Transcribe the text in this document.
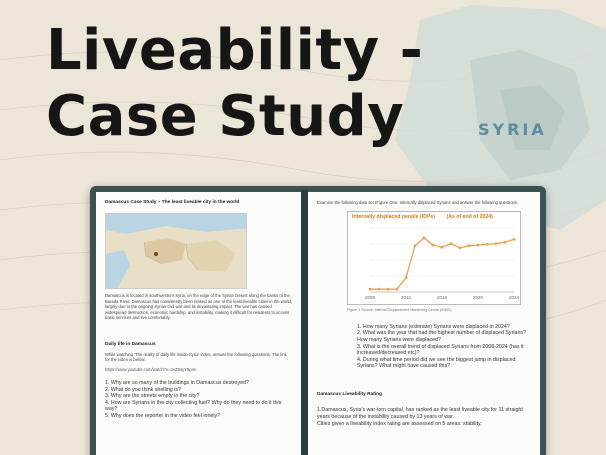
Liveability -
Case Study	SYRIA
Damascus Case Study – The least liveable city in the world
Damascus is located in southwestern Syria, on the edge of the Syrian Desert along the banks of the Barada River. Damascus has consistently been ranked as one of the least liveable cities in the world, largely due to the ongoing Syrian civil war and its devastating impact. The war has caused widespread destruction, economic hardship, and instability, making it difficult for residents to access basic services and live comfortably.
Daily life in Damascus
While watching 'The reality of daily life inside Syria' video, answer the following questions. The link for the video is below:
https://www.youtube.com/watch?v=3vZ8oyY9p4c
1. Why are so many of the buildings in Damascus destroyed?
2. What do you think shelling is?
3. Why are the streets empty in the city?
4. How are Syrians in the city collecting fuel? Why do they need to do it this way?
5. Why does the reporter in the video feel lonely?
Examine the following data set (Figure One: Internally displaced Syrians and answer the following questions.
Internally displaced people (IDPs) (As of end of 2024)
2008	2012	2016	2020	2024
Figure 1 Source: Internal Displacement Monitoring Centre (IDMC)
1. How many Syrians (estimate) Syrians were displaced in 2024?
2. What was the year that had the highest number of displaced Syrians? How many Syrians were displaced?
3. What is the overall trend of displaced Syrians from 2008-2024 (has it increased/decreased etc)?
4. During what time period did we see the biggest jump in displaced Syrians? What might have caused this?
Damascus Liveability Rating
1.Damascus, Syria's war-torn capital, has ranked as the least liveable city for 11 straight years because of the instability caused by 13 years of war.
Cities given a liveability index rating are assessed on 5 areas: stability,
